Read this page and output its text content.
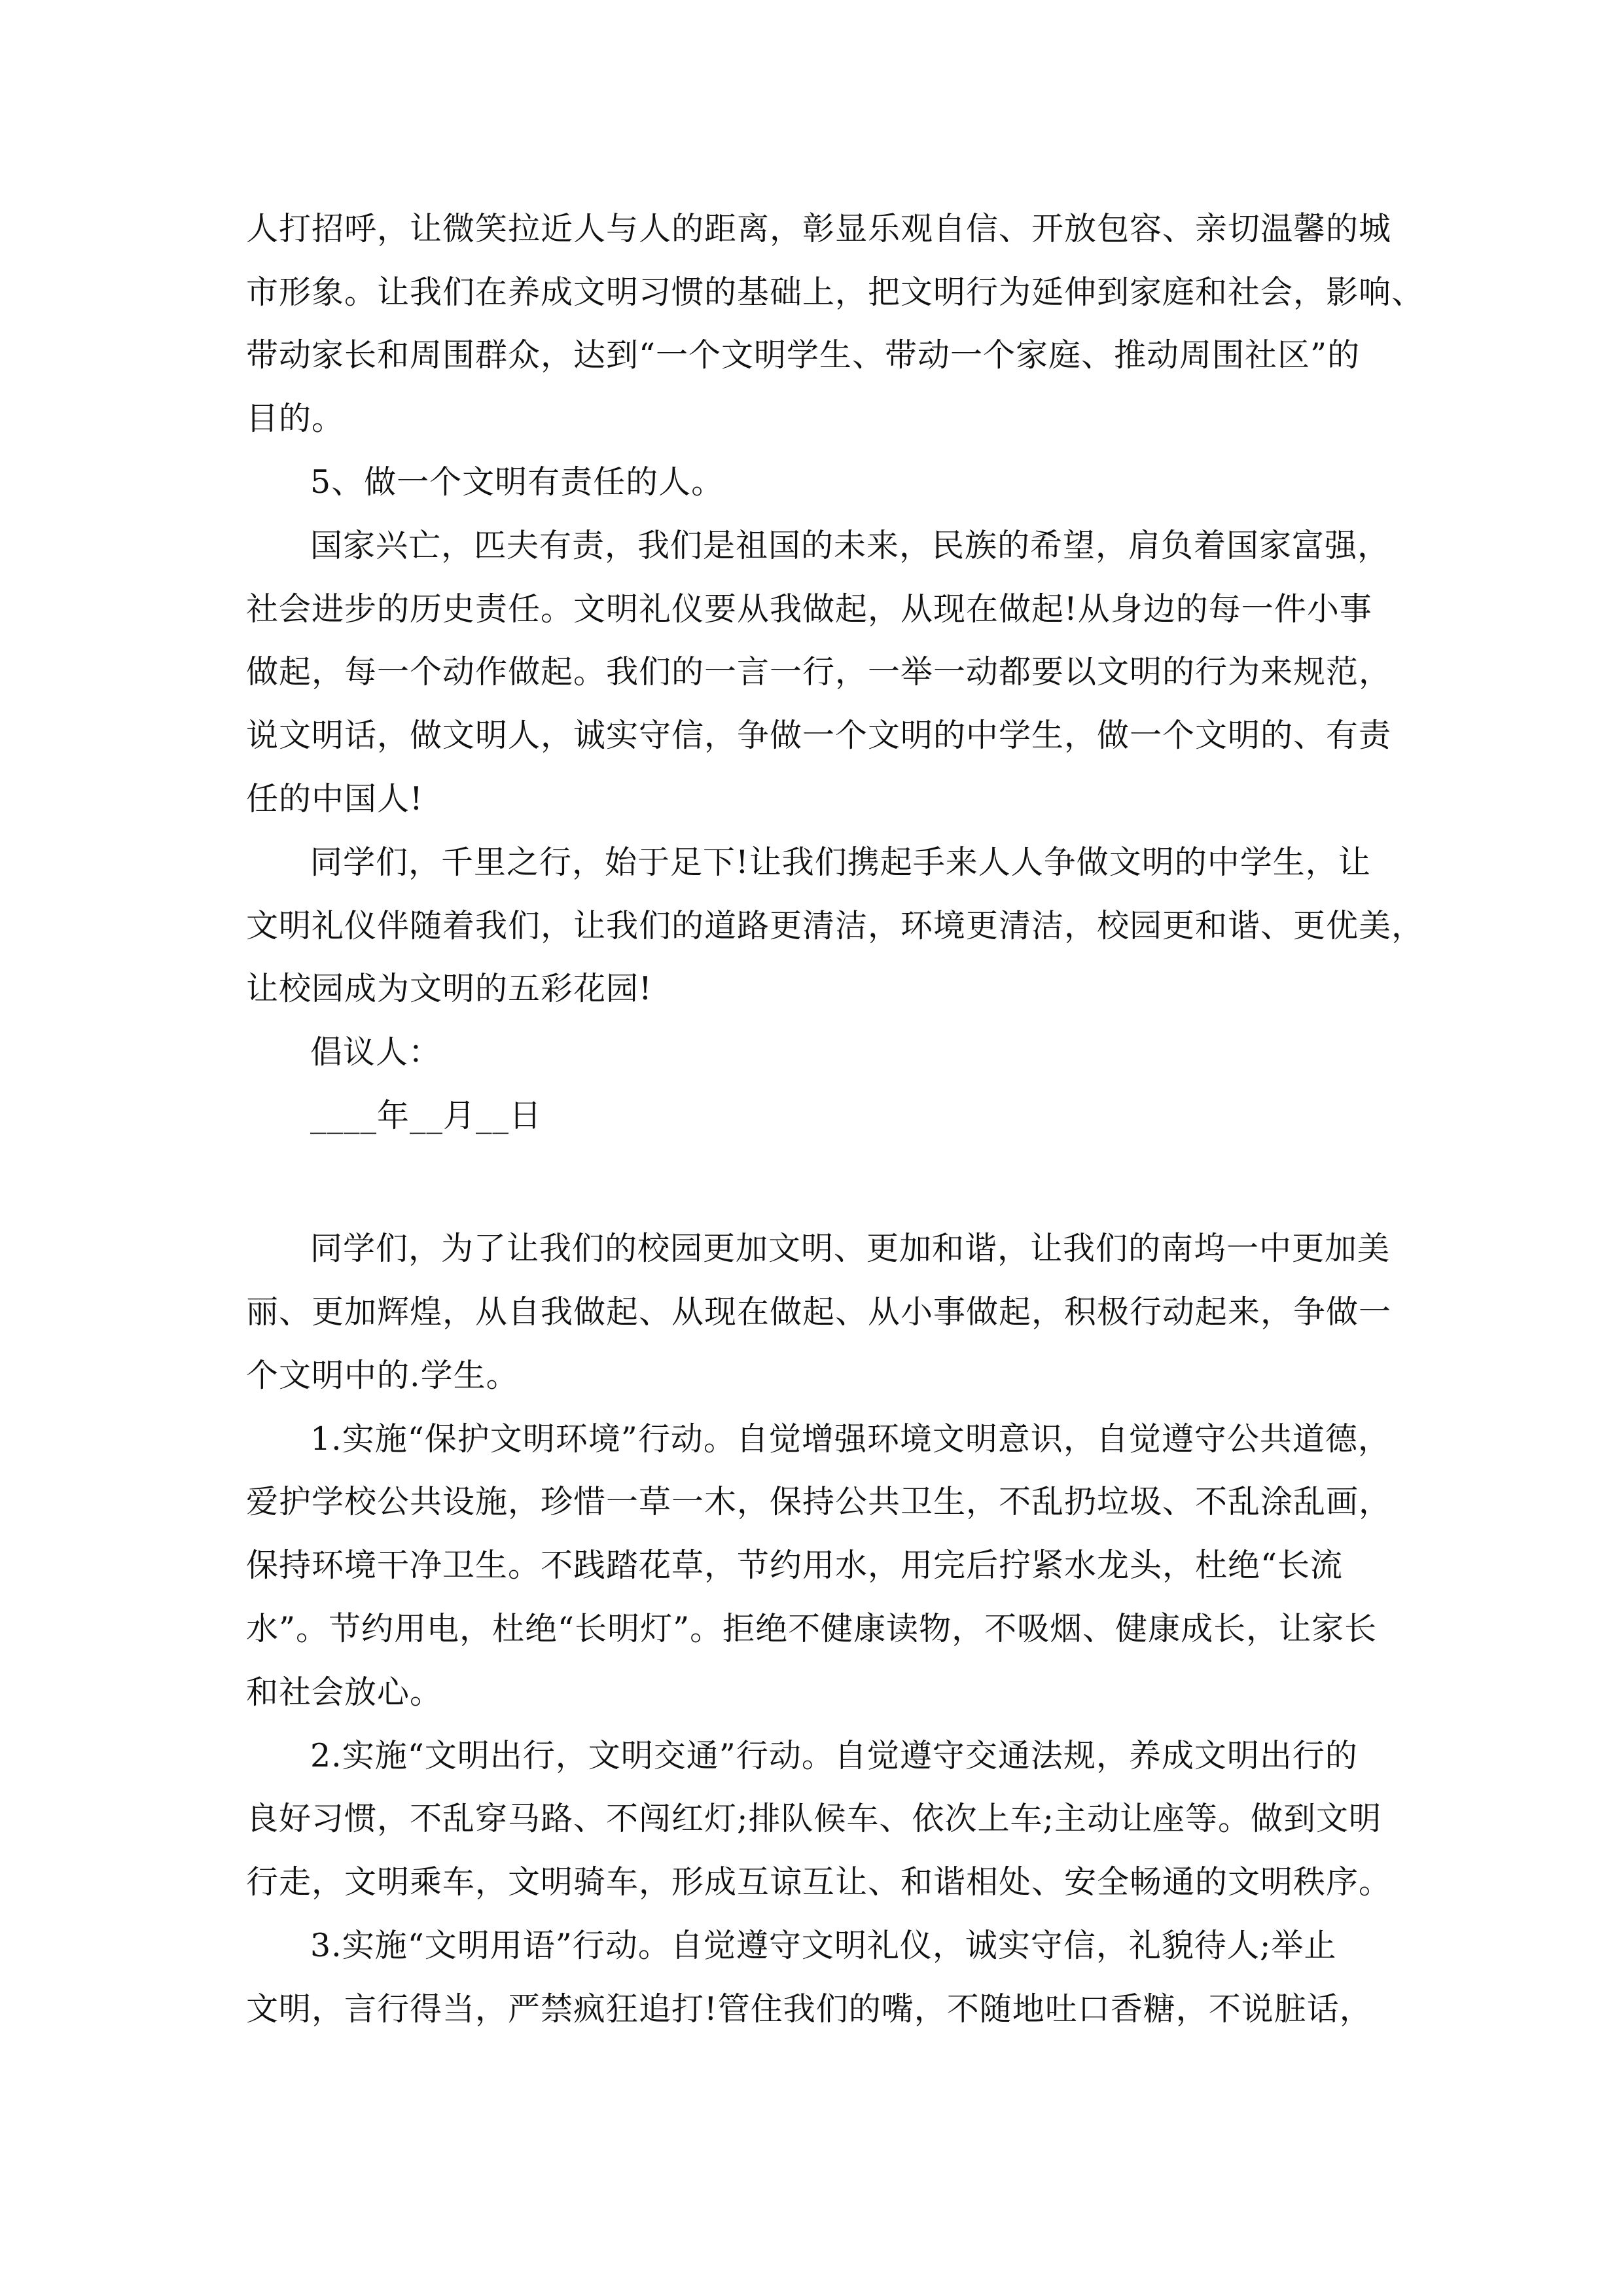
人打招呼，让微笑拉近人与人的距离，彰显乐观自信、开放包容、亲切温馨的城
市形象。让我们在养成文明习惯的基础上，把文明行为延伸到家庭和社会，影响、
带动家长和周围群众，达到“一个文明学生、带动一个家庭、推动周围社区”的
目的。
5、做一个文明有责任的人。
国家兴亡，匹夫有责，我们是祖国的未来，民族的希望，肩负着国家富强，
社会进步的历史责任。文明礼仪要从我做起，从现在做起!从身边的每一件小事
做起，每一个动作做起。我们的一言一行，一举一动都要以文明的行为来规范，
说文明话，做文明人，诚实守信，争做一个文明的中学生，做一个文明的、有责
任的中国人!
同学们，千里之行，始于足下!让我们携起手来人人争做文明的中学生，让
文明礼仪伴随着我们，让我们的道路更清洁，环境更清洁，校园更和谐、更优美，
让校园成为文明的五彩花园!
倡议人：
____年__月__日
同学们，为了让我们的校园更加文明、更加和谐，让我们的南坞一中更加美
丽、更加辉煌，从自我做起、从现在做起、从小事做起，积极行动起来，争做一
个文明中的.学生。
1.实施“保护文明环境”行动。自觉增强环境文明意识，自觉遵守公共道德，
爱护学校公共设施，珍惜一草一木，保持公共卫生，不乱扔垃圾、不乱涂乱画，
保持环境干净卫生。不践踏花草，节约用水，用完后拧紧水龙头，杜绝“长流
水”。节约用电，杜绝“长明灯”。拒绝不健康读物，不吸烟、健康成长，让家长
和社会放心。
2.实施“文明出行，文明交通”行动。自觉遵守交通法规，养成文明出行的
良好习惯，不乱穿马路、不闯红灯;排队候车、依次上车;主动让座等。做到文明
行走，文明乘车，文明骑车，形成互谅互让、和谐相处、安全畅通的文明秩序。
3.实施“文明用语”行动。自觉遵守文明礼仪，诚实守信，礼貌待人;举止
文明，言行得当，严禁疯狂追打!管住我们的嘴，不随地吐口香糖，不说脏话，
